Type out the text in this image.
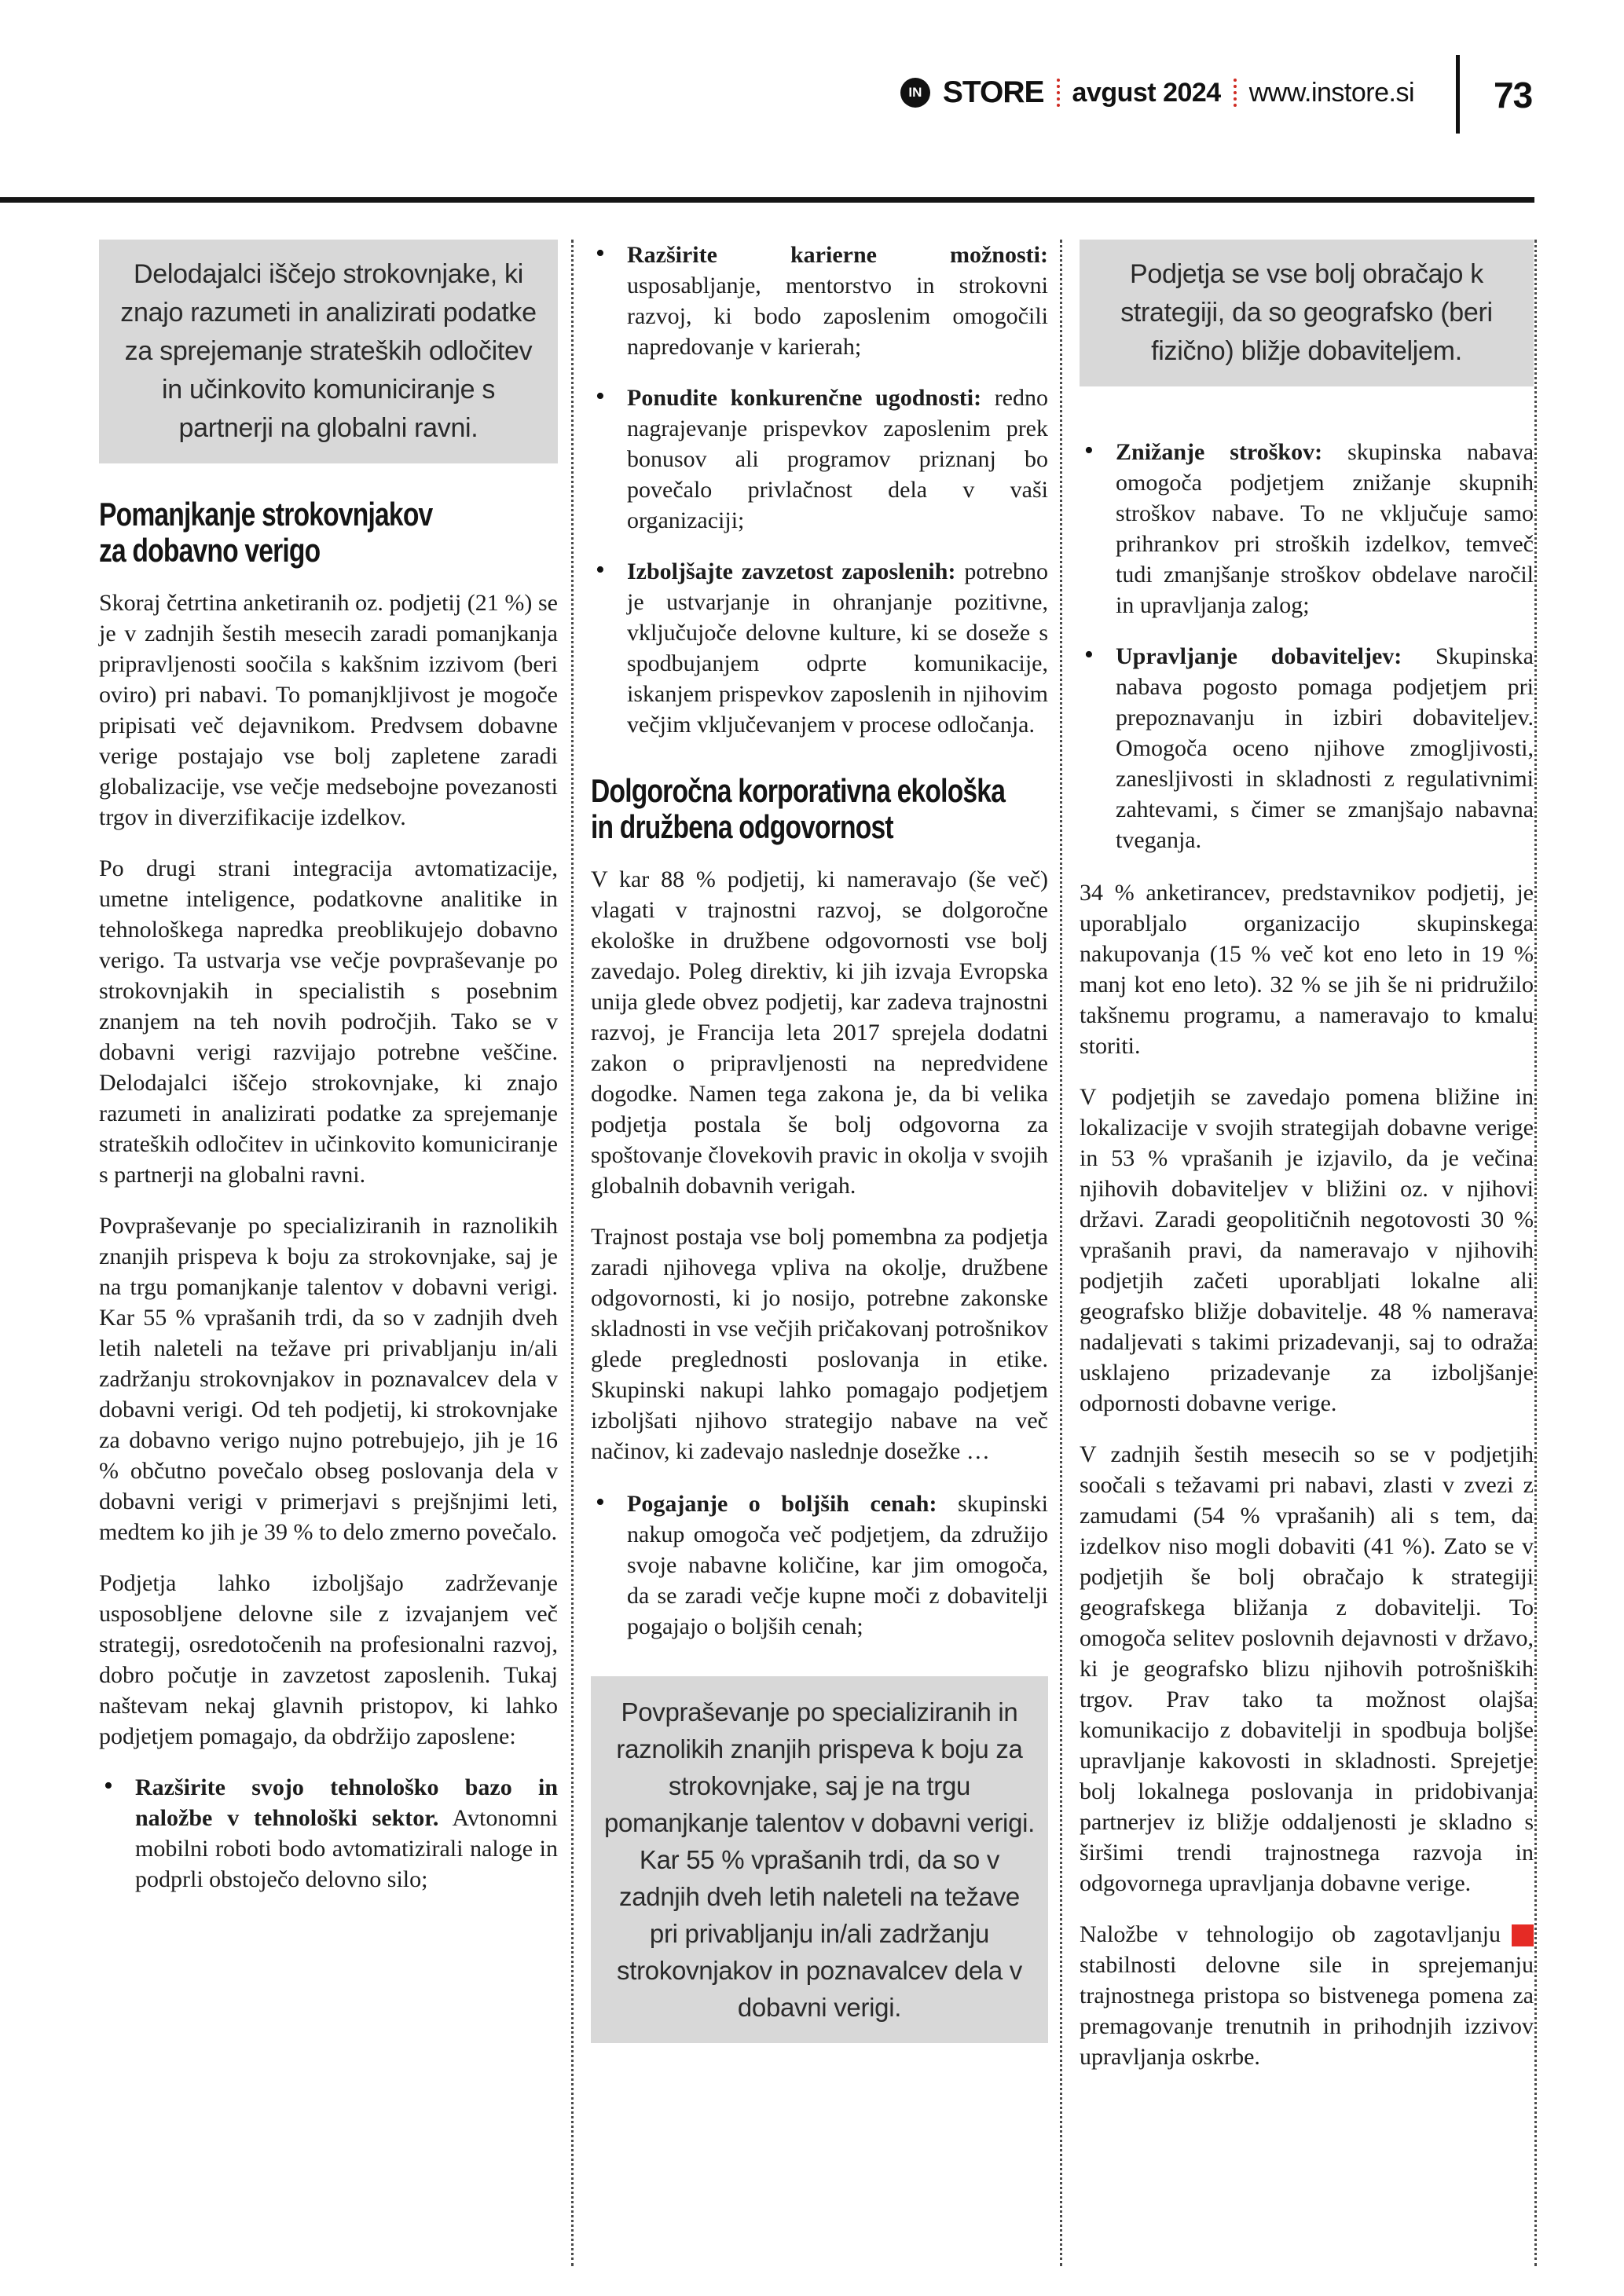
IN STORE avgust 2024 www.instore.si 73
Delodajalci iščejo strokovnjake, ki znajo razumeti in analizirati podatke za sprejemanje strateških odločitev in učinkovito komuniciranje s partnerji na globalni ravni.
Pomanjkanje strokovnjakov
za dobavno verigo

Skoraj četrtina anketiranih oz. podjetij (21 %) se je v zadnjih šestih mesecih zaradi pomanjkanja pripravljenosti soočila s kakšnim izzivom (beri oviro) pri nabavi. To pomanjkljivost je mogoče pripisati več dejavnikom. Predvsem dobavne verige postajajo vse bolj zapletene zaradi globalizacije, vse večje medsebojne povezanosti trgov in diverzifikacije izdelkov.

Po drugi strani integracija avtomatizacije, umetne inteligence, podatkovne analitike in tehnološkega napredka preoblikujejo dobavno verigo. Ta ustvarja vse večje povpraševanje po strokovnjakih in specialistih s posebnim znanjem na teh novih področjih. Tako se v dobavni verigi razvijajo potrebne veščine. Delodajalci iščejo strokovnjake, ki znajo razumeti in analizirati podatke za sprejemanje strateških odločitev in učinkovito komuniciranje s partnerji na globalni ravni.

Povpraševanje po specializiranih in raznolikih znanjih prispeva k boju za strokovnjake, saj je na trgu pomanjkanje talentov v dobavni verigi. Kar 55 % vprašanih trdi, da so v zadnjih dveh letih naleteli na težave pri privabljanju in/ali zadržanju strokovnjakov in poznavalcev dela v dobavni verigi. Od teh podjetij, ki strokovnjake za dobavno verigo nujno potrebujejo, jih je 16 % občutno povečalo obseg poslovanja dela v dobavni verigi v primerjavi s prejšnjimi leti, medtem ko jih je 39 % to delo zmerno povečalo.

Podjetja lahko izboljšajo zadrževanje usposobljene delovne sile z izvajanjem več strategij, osredotočenih na profesionalni razvoj, dobro počutje in zavzetost zaposlenih. Tukaj naštevam nekaj glavnih pristopov, ki lahko podjetjem pomagajo, da obdržijo zaposlene:

• Razširite svojo tehnološko bazo in naložbe v tehnološki sektor. Avtonomni mobilni roboti bodo avtomatizirali naloge in podprli obstoječo delovno silo;
• Razširite karierne možnosti: usposabljanje, mentorstvo in strokovni razvoj, ki bodo zaposlenim omogočili napredovanje v karierah;
• Ponudite konkurenčne ugodnosti: redno nagrajevanje prispevkov zaposlenim prek bonusov ali programov priznanj bo povečalo privlačnost dela v vaši organizaciji;
• Izboljšajte zavzetost zaposlenih: potrebno je ustvarjanje in ohranjanje pozitivne, vključujoče delovne kulture, ki se doseže s spodbujanjem odprte komunikacije, iskanjem prispevkov zaposlenih in njihovim večjim vključevanjem v procese odločanja.
Dolgoročna korporativna ekološka
in družbena odgovornost

V kar 88 % podjetij, ki nameravajo (še več) vlagati v trajnostni razvoj, se dolgoročne ekološke in družbene odgovornosti vse bolj zavedajo. Poleg direktiv, ki jih izvaja Evropska unija glede obvez podjetij, kar zadeva trajnostni razvoj, je Francija leta 2017 sprejela dodatni zakon o pripravljenosti na nepredvidene dogodke. Namen tega zakona je, da bi velika podjetja postala še bolj odgovorna za spoštovanje človekovih pravic in okolja v svojih globalnih dobavnih verigah.

Trajnost postaja vse bolj pomembna za podjetja zaradi njihovega vpliva na okolje, družbene odgovornosti, ki jo nosijo, potrebne zakonske skladnosti in vse večjih pričakovanj potrošnikov glede preglednosti poslovanja in etike. Skupinski nakupi lahko pomagajo podjetjem izboljšati njihovo strategijo nabave na več načinov, ki zadevajo naslednje dosežke …

• Pogajanje o boljših cenah: skupinski nakup omogoča več podjetjem, da združijo svoje nabavne količine, kar jim omogoča, da se zaradi večje kupne moči z dobavitelji pogajajo o boljših cenah;
Povpraševanje po specializiranih in raznolikih znanjih prispeva k boju za strokovnjake, saj je na trgu pomanjkanje talentov v dobavni verigi. Kar 55 % vprašanih trdi, da so v zadnjih dveh letih naleteli na težave pri privabljanju in/ali zadržanju strokovnjakov in poznavalcev dela v dobavni verigi.
Podjetja se vse bolj obračajo k strategiji, da so geografsko (beri fizično) bližje dobaviteljem.
• Znižanje stroškov: skupinska nabava omogoča podjetjem znižanje skupnih stroškov nabave. To ne vključuje samo prihrankov pri stroških izdelkov, temveč tudi zmanjšanje stroškov obdelave naročil in upravljanja zalog;
• Upravljanje dobaviteljev: Skupinska nabava pogosto pomaga podjetjem pri prepoznavanju in izbiri dobaviteljev. Omogoča oceno njihove zmogljivosti, zanesljivosti in skladnosti z regulativnimi zahtevami, s čimer se zmanjšajo nabavna tveganja.

34 % anketirancev, predstavnikov podjetij, je uporabljalo organizacijo skupinskega nakupovanja (15 % več kot eno leto in 19 % manj kot eno leto). 32 % se jih še ni pridružilo takšnemu programu, a nameravajo to kmalu storiti.

V podjetjih se zavedajo pomena bližine in lokalizacije v svojih strategijah dobavne verige in 53 % vprašanih je izjavilo, da je večina njihovih dobaviteljev v bližini oz. v njihovi državi. Zaradi geopolitičnih negotovosti 30 % vprašanih pravi, da nameravajo v njihovih podjetjih začeti uporabljati lokalne ali geografsko bližje dobavitelje. 48 % namerava nadaljevati s takimi prizadevanji, saj to odraža usklajeno prizadevanje za izboljšanje odpornosti dobavne verige.

V zadnjih šestih mesecih so se v podjetjih soočali s težavami pri nabavi, zlasti v zvezi z zamudami (54 % vprašanih) ali s tem, da izdelkov niso mogli dobaviti (41 %). Zato se v podjetjih še bolj obračajo k strategiji geografskega bližanja z dobavitelji. To omogoča selitev poslovnih dejavnosti v državo, ki je geografsko blizu njihovih potrošniških trgov. Prav tako ta možnost olajša komunikacijo z dobavitelji in spodbuja boljše upravljanje kakovosti in skladnosti. Sprejetje bolj lokalnega poslovanja in pridobivanja partnerjev iz bližje oddaljenosti je skladno s širšimi trendi trajnostnega razvoja in odgovornega upravljanja dobavne verige.

Naložbe v tehnologijo ob zagotavljanju stabilnosti delovne sile in sprejemanju trajnostnega pristopa so bistvenega pomena za premagovanje trenutnih in prihodnjih izzivov upravljanja oskrbe.
